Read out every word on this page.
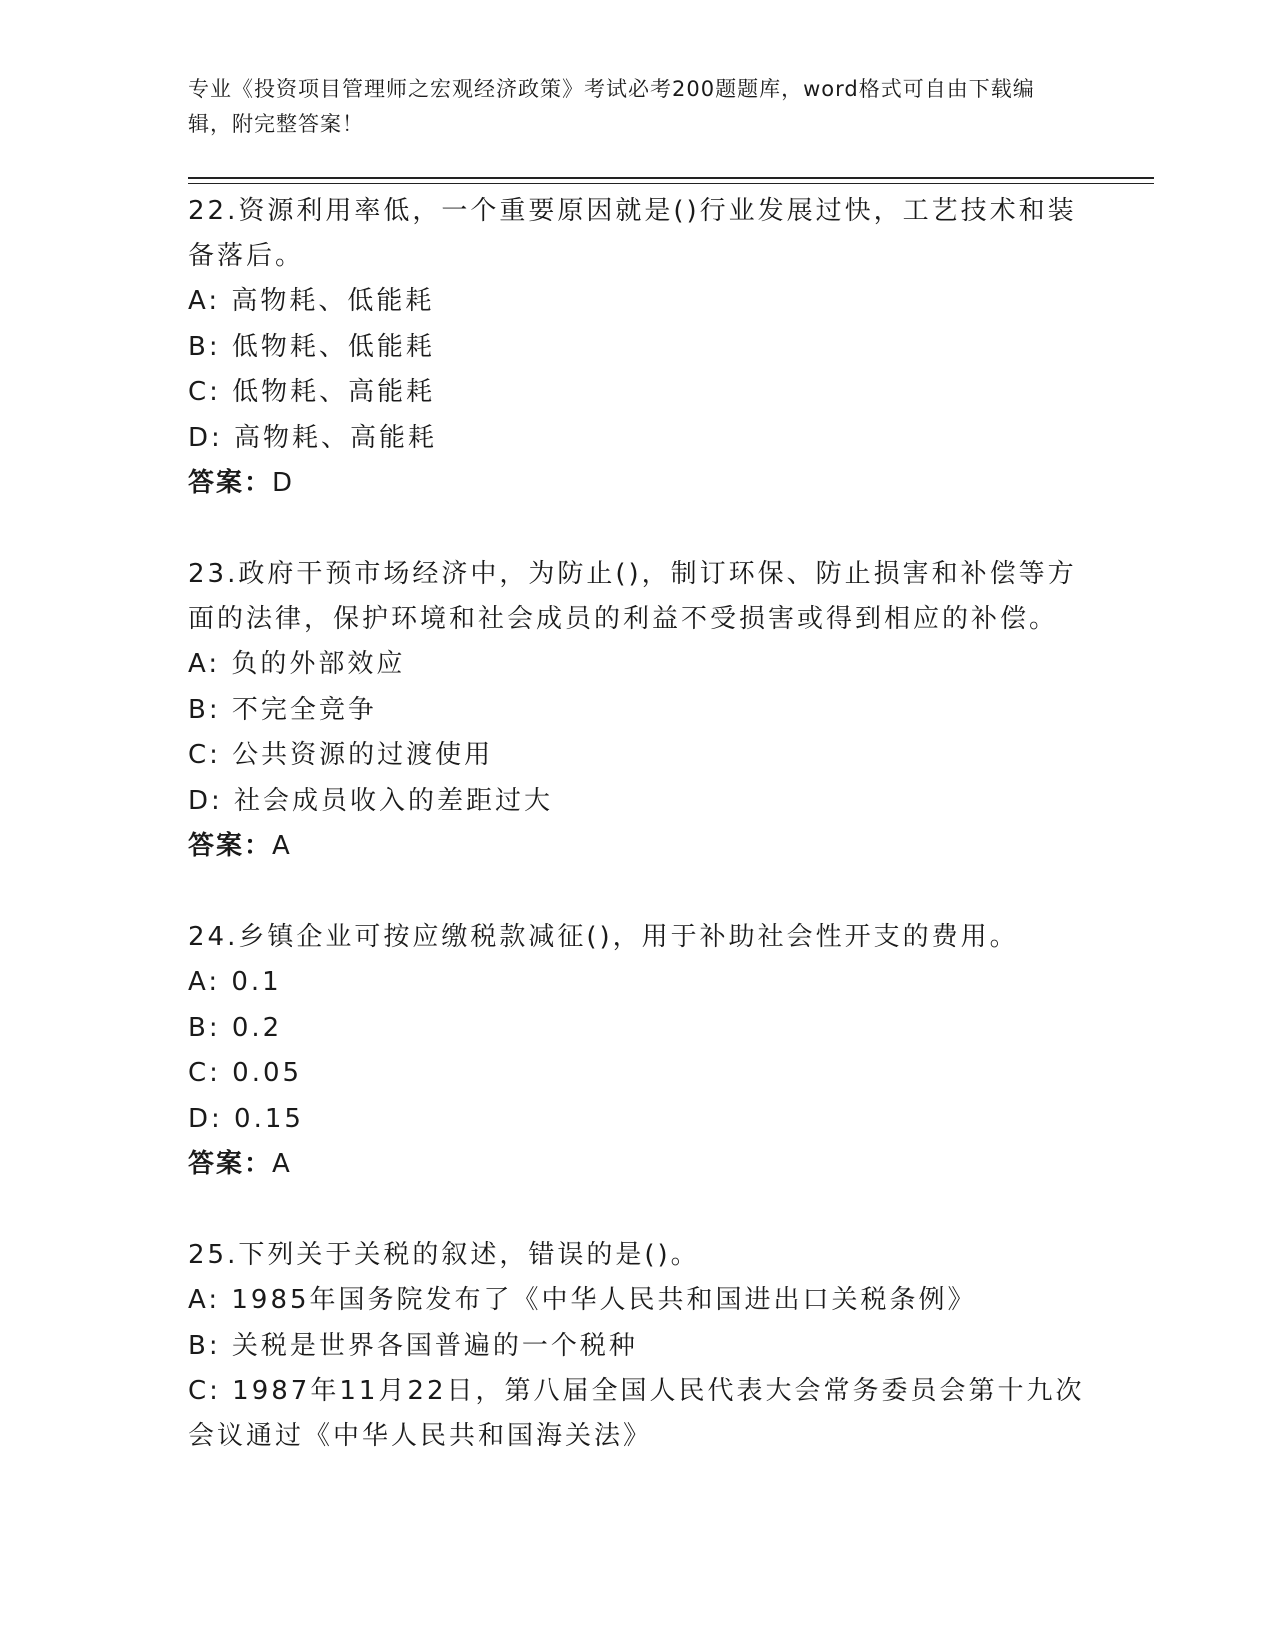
专业《投资项目管理师之宏观经济政策》考试必考200题题库，word格式可自由下载编辑，附完整答案！
22.资源利用率低，一个重要原因就是()行业发展过快，工艺技术和装备落后。
A: 高物耗、低能耗
B: 低物耗、低能耗
C: 低物耗、高能耗
D: 高物耗、高能耗
答案：D
23.政府干预市场经济中，为防止()，制订环保、防止损害和补偿等方面的法律，保护环境和社会成员的利益不受损害或得到相应的补偿。
A: 负的外部效应
B: 不完全竞争
C: 公共资源的过渡使用
D: 社会成员收入的差距过大
答案：A
24.乡镇企业可按应缴税款减征()，用于补助社会性开支的费用。
A: 0.1
B: 0.2
C: 0.05
D: 0.15
答案：A
25.下列关于关税的叙述，错误的是()。
A: 1985年国务院发布了《中华人民共和国进出口关税条例》
B: 关税是世界各国普遍的一个税种
C: 1987年11月22日，第八届全国人民代表大会常务委员会第十九次会议通过《中华人民共和国海关法》
